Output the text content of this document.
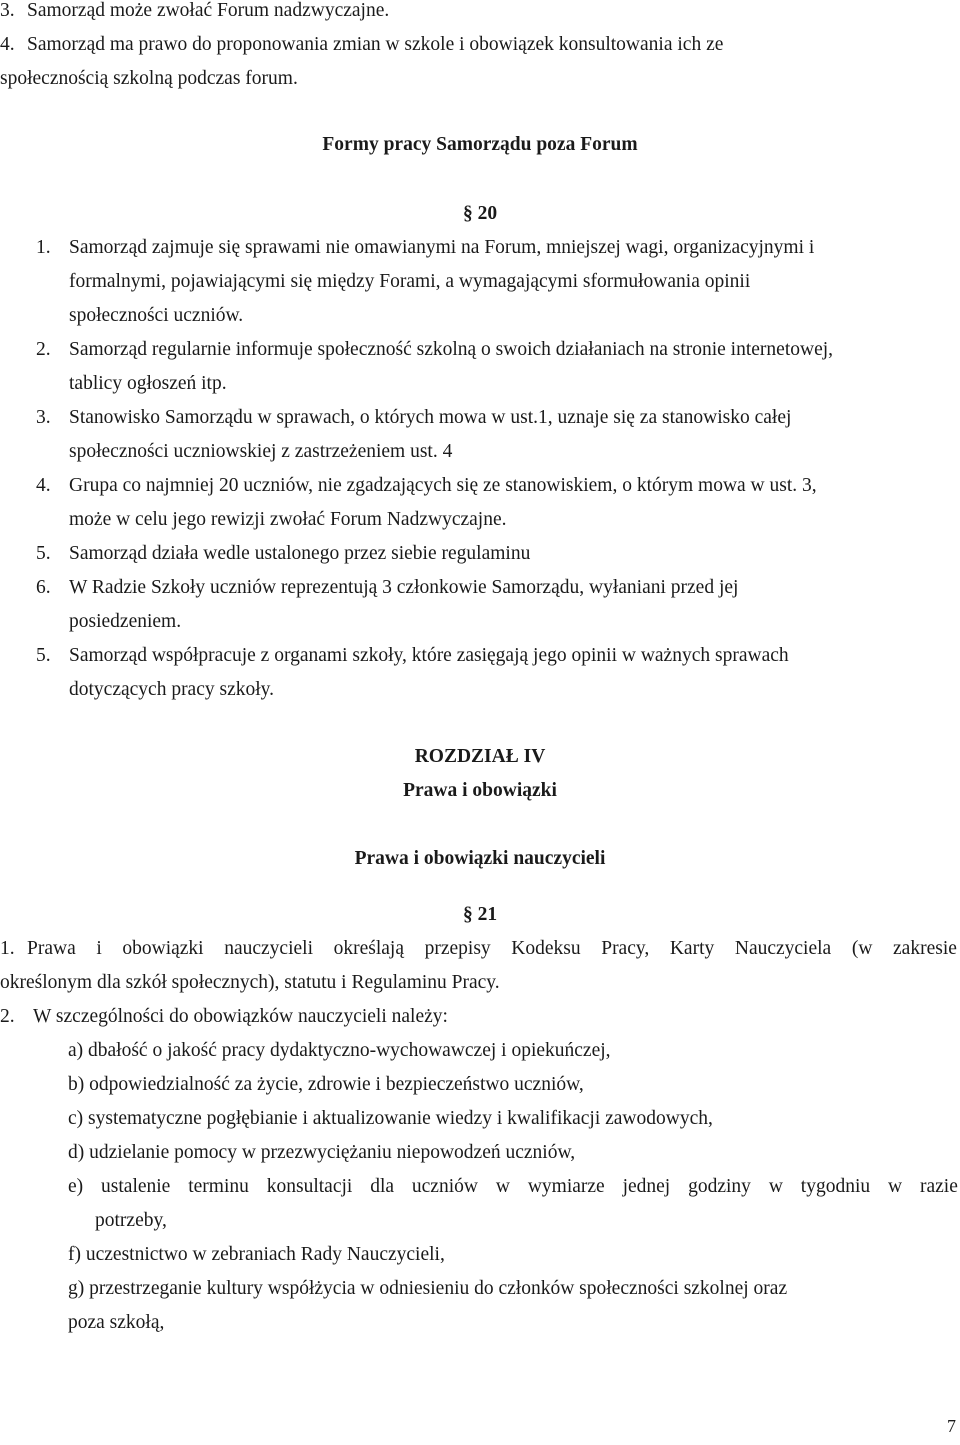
3. Samorząd może zwołać Forum nadzwyczajne.
4. Samorząd ma prawo do proponowania zmian w szkole i obowiązek konsultowania ich ze
społecznością szkolną podczas forum.
Formy pracy Samorządu poza Forum
§ 20
1. Samorząd zajmuje się sprawami nie omawianymi na Forum, mniejszej wagi, organizacyjnymi i
formalnymi, pojawiającymi się między Forami, a wymagającymi sformułowania opinii
społeczności uczniów.
2. Samorząd regularnie informuje społeczność szkolną o swoich działaniach na stronie internetowej,
tablicy ogłoszeń itp.
3. Stanowisko Samorządu w sprawach, o których mowa w ust.1, uznaje się za stanowisko całej
społeczności uczniowskiej z zastrzeżeniem ust. 4
4. Grupa co najmniej 20 uczniów, nie zgadzających się ze stanowiskiem, o którym mowa w ust. 3,
może w celu jego rewizji zwołać Forum Nadzwyczajne.
5. Samorząd działa wedle ustalonego przez siebie regulaminu
6. W Radzie Szkoły uczniów reprezentują 3 członkowie Samorządu, wyłaniani przed jej
posiedzeniem.
5. Samorząd współpracuje z organami szkoły, które zasięgają jego opinii w ważnych sprawach
dotyczących pracy szkoły.
ROZDZIAŁ IV
Prawa i obowiązki
Prawa i obowiązki nauczycieli
§ 21
1. Prawa i obowiązki nauczycieli określają przepisy Kodeksu Pracy, Karty Nauczyciela (w zakresie
określonym dla szkół społecznych), statutu i Regulaminu Pracy.
2. W szczególności do obowiązków nauczycieli należy:
a) dbałość o jakość pracy dydaktyczno-wychowawczej i opiekuńczej,
b) odpowiedzialność za życie, zdrowie i bezpieczeństwo uczniów,
c) systematyczne pogłębianie i aktualizowanie wiedzy i kwalifikacji zawodowych,
d) udzielanie pomocy w przezwyciężaniu niepowodzeń uczniów,
e) ustalenie terminu konsultacji dla uczniów w wymiarze jednej godziny w tygodniu w razie
potrzeby,
f) uczestnictwo w zebraniach Rady Nauczycieli,
g) przestrzeganie kultury współżycia w odniesieniu do członków społeczności szkolnej oraz
poza szkołą,
7
